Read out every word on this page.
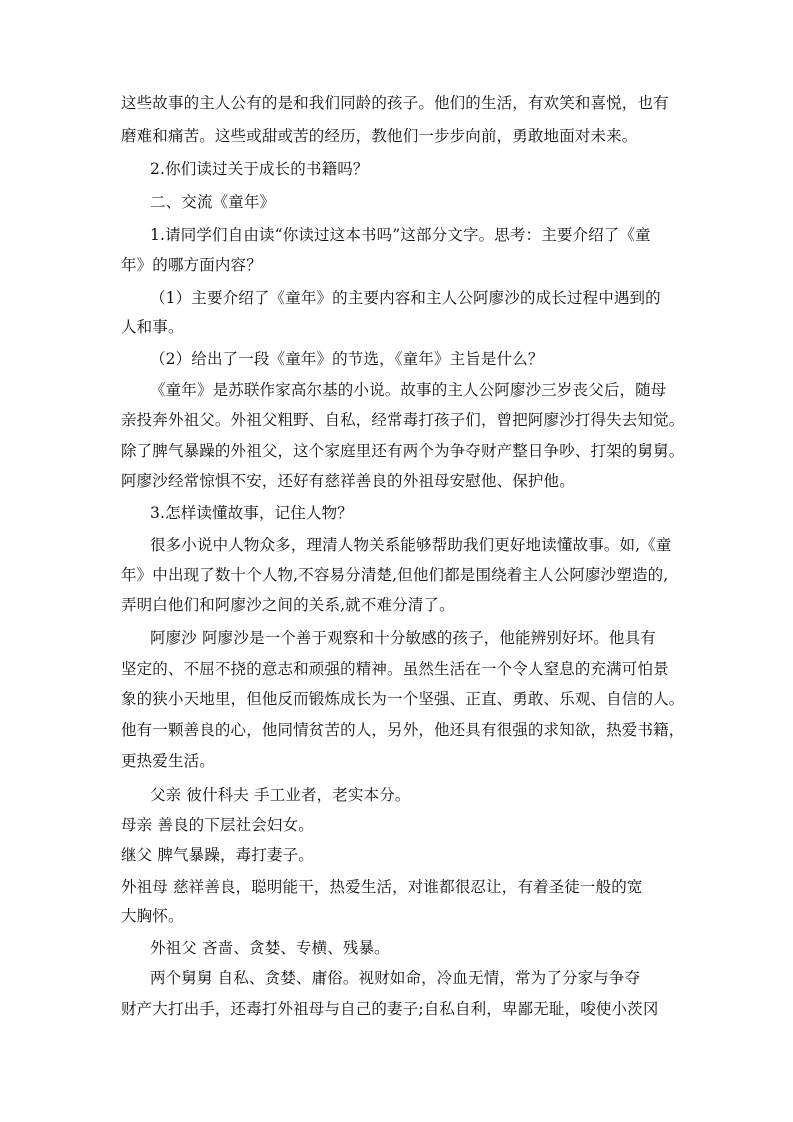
这些故事的主人公有的是和我们同龄的孩子。他们的生活，有欢笑和喜悦，也有
磨难和痛苦。这些或甜或苦的经历，教他们一步步向前，勇敢地面对未来。
2.你们读过关于成长的书籍吗？
二、交流《童年》
1.请同学们自由读“你读过这本书吗”这部分文字。思考：主要介绍了《童
年》的哪方面内容？
（1）主要介绍了《童年》的主要内容和主人公阿廖沙的成长过程中遇到的
人和事。
（2）给出了一段《童年》的节选，《童年》主旨是什么？
《童年》是苏联作家高尔基的小说。故事的主人公阿廖沙三岁丧父后，随母
亲投奔外祖父。外祖父粗野、自私，经常毒打孩子们，曾把阿廖沙打得失去知觉。
除了脾气暴躁的外祖父，这个家庭里还有两个为争夺财产整日争吵、打架的舅舅。
阿廖沙经常惊惧不安，还好有慈祥善良的外祖母安慰他、保护他。
3.怎样读懂故事，记住人物？
很多小说中人物众多，理清人物关系能够帮助我们更好地读懂故事。如,《童
年》中出现了数十个人物,不容易分清楚,但他们都是围绕着主人公阿廖沙塑造的,
弄明白他们和阿廖沙之间的关系,就不难分清了。
阿廖沙 阿廖沙是一个善于观察和十分敏感的孩子，他能辨别好坏。他具有
坚定的、不屈不挠的意志和顽强的精神。虽然生活在一个令人窒息的充满可怕景
象的狭小天地里，但他反而锻炼成长为一个坚强、正直、勇敢、乐观、自信的人。
他有一颗善良的心，他同情贫苦的人，另外，他还具有很强的求知欲，热爱书籍，
更热爱生活。
父亲 彼什科夫 手工业者，老实本分。
母亲 善良的下层社会妇女。
继父 脾气暴躁，毒打妻子。
外祖母 慈祥善良，聪明能干，热爱生活，对谁都很忍让，有着圣徒一般的宽
大胸怀。
外祖父 吝啬、贪婪、专横、残暴。
两个舅舅 自私、贪婪、庸俗。视财如命，冷血无情，常为了分家与争夺
财产大打出手，还毒打外祖母与自己的妻子;自私自利，卑鄙无耻，唆使小茨冈
